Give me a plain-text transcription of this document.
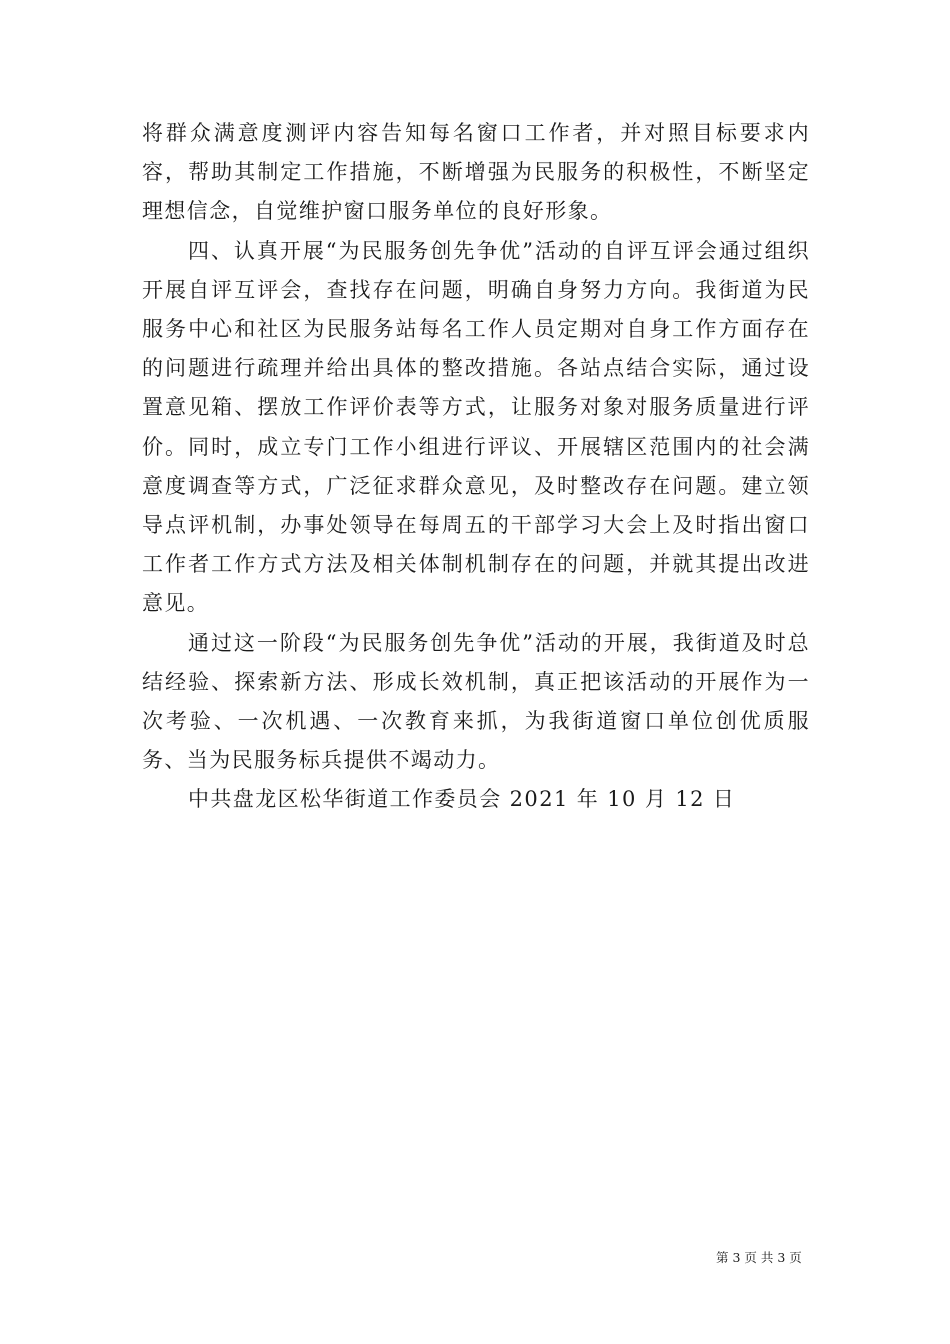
将群众满意度测评内容告知每名窗口工作者，并对照目标要求内容，帮助其制定工作措施，不断增强为民服务的积极性，不断坚定理想信念，自觉维护窗口服务单位的良好形象。

四、认真开展“为民服务创先争优”活动的自评互评会通过组织开展自评互评会，查找存在问题，明确自身努力方向。我街道为民服务中心和社区为民服务站每名工作人员定期对自身工作方面存在的问题进行疏理并给出具体的整改措施。各站点结合实际，通过设置意见箱、摆放工作评价表等方式，让服务对象对服务质量进行评价。同时，成立专门工作小组进行评议、开展辖区范围内的社会满意度调查等方式，广泛征求群众意见，及时整改存在问题。建立领导点评机制，办事处领导在每周五的干部学习大会上及时指出窗口工作者工作方式方法及相关体制机制存在的问题，并就其提出改进意见。

通过这一阶段“为民服务创先争优”活动的开展，我街道及时总结经验、探索新方法、形成长效机制，真正把该活动的开展作为一次考验、一次机遇、一次教育来抓，为我街道窗口单位创优质服务、当为民服务标兵提供不竭动力。

中共盘龙区松华街道工作委员会 2021 年 10 月 12 日

第 3 页 共 3 页
